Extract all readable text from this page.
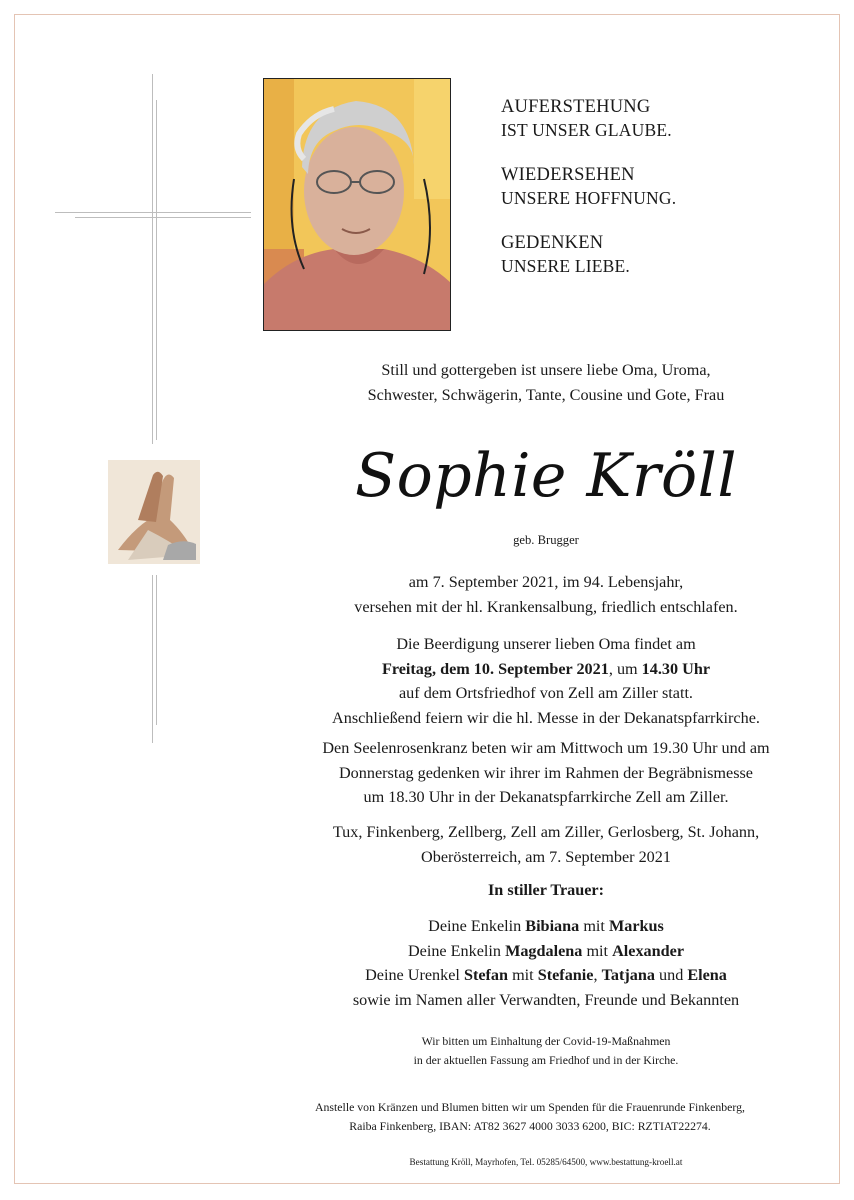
AUFERSTEHUNG
IST UNSER GLAUBE.
WIEDERSEHEN
UNSERE HOFFNUNG.
GEDENKEN
UNSERE LIEBE.
Still und gottergeben ist unsere liebe Oma, Uroma,
Schwester, Schwägerin, Tante, Cousine und Gote, Frau
Sophie Kröll
geb. Brugger
am 7. September 2021, im 94. Lebensjahr,
versehen mit der hl. Krankensalbung, friedlich entschlafen.
Die Beerdigung unserer lieben Oma findet am
Freitag, dem 10. September 2021, um 14.30 Uhr
auf dem Ortsfriedhof von Zell am Ziller statt.
Anschließend feiern wir die hl. Messe in der Dekanatspfarrkirche.
Den Seelenrosenkranz beten wir am Mittwoch um 19.30 Uhr und am
Donnerstag gedenken wir ihrer im Rahmen der Begräbnismesse
um 18.30 Uhr in der Dekanatspfarrkirche Zell am Ziller.
Tux, Finkenberg, Zellberg, Zell am Ziller, Gerlosberg, St. Johann,
Oberösterreich, am 7. September 2021
In stiller Trauer:
Deine Enkelin Bibiana mit Markus
Deine Enkelin Magdalena mit Alexander
Deine Urenkel Stefan mit Stefanie, Tatjana und Elena
sowie im Namen aller Verwandten, Freunde und Bekannten
Wir bitten um Einhaltung der Covid-19-Maßnahmen
in der aktuellen Fassung am Friedhof und in der Kirche.
Anstelle von Kränzen und Blumen bitten wir um Spenden für die Frauenrunde Finkenberg,
Raiba Finkenberg, IBAN: AT82 3627 4000 3033 6200, BIC: RZTIAT22274.
Bestattung Kröll, Mayrhofen, Tel. 05285/64500, www.bestattung-kroell.at
